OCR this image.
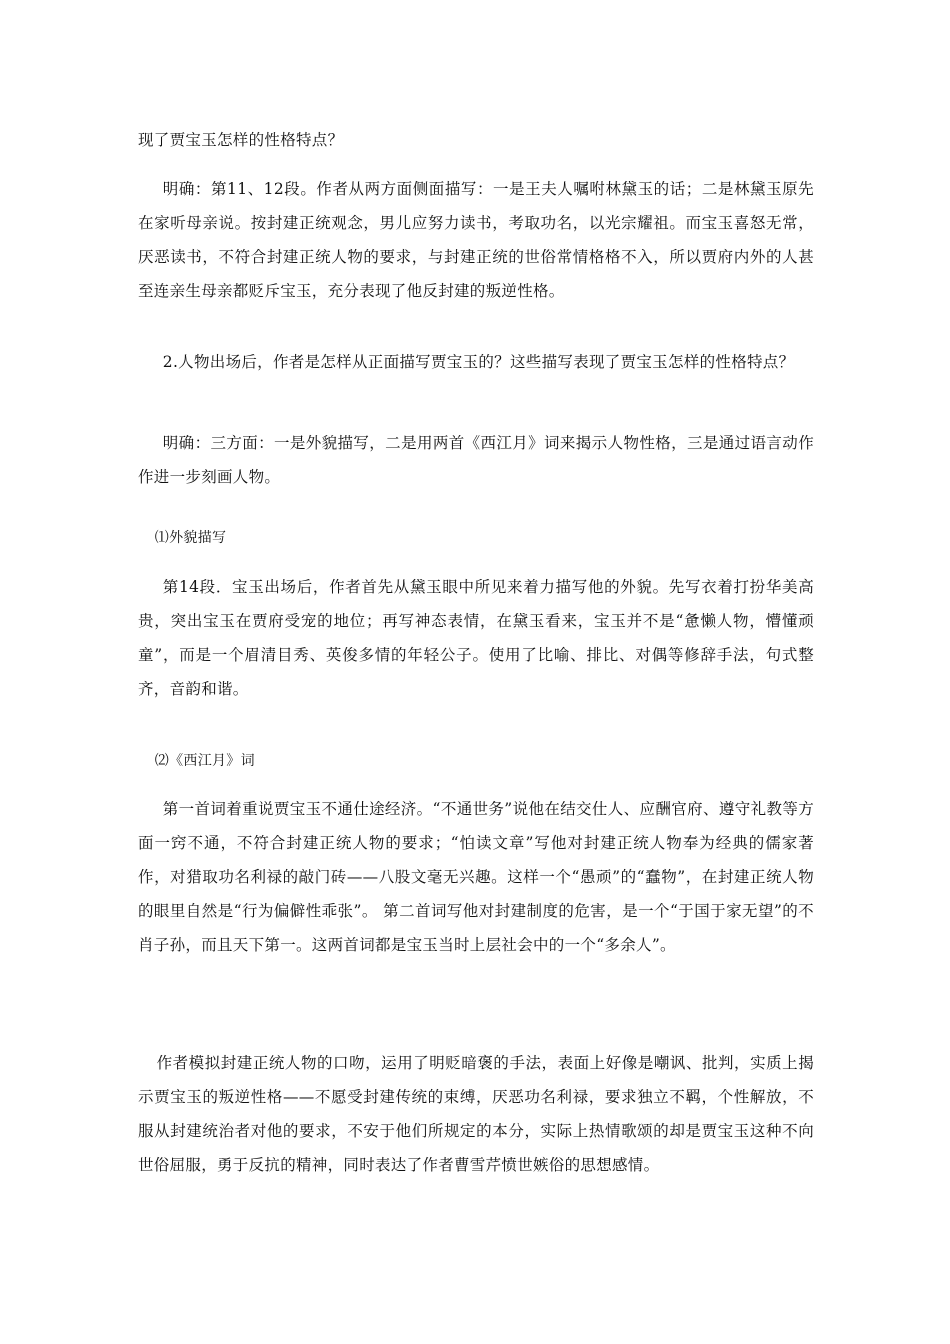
现了贾宝玉怎样的性格特点？

明确：第11、12段。作者从两方面侧面描写：一是王夫人嘱咐林黛玉的话；二是林黛玉原先在家听母亲说。按封建正统观念，男儿应努力读书，考取功名，以光宗耀祖。而宝玉喜怒无常，厌恶读书，不符合封建正统人物的要求，与封建正统的世俗常情格格不入，所以贾府内外的人甚至连亲生母亲都贬斥宝玉，充分表现了他反封建的叛逆性格。

2.人物出场后，作者是怎样从正面描写贾宝玉的？这些描写表现了贾宝玉怎样的性格特点？

明确：三方面：一是外貌描写，二是用两首《西江月》词来揭示人物性格，三是通过语言动作作进一步刻画人物。

⑴外貌描写

第14段．宝玉出场后，作者首先从黛玉眼中所见来着力描写他的外貌。先写衣着打扮华美高贵，突出宝玉在贾府受宠的地位；再写神态表情，在黛玉看来，宝玉并不是“惫懒人物，懵懂顽童”，而是一个眉清目秀、英俊多情的年轻公子。使用了比喻、排比、对偶等修辞手法，句式整齐，音韵和谐。

⑵《西江月》词

第一首词着重说贾宝玉不通仕途经济。“不通世务”说他在结交仕人、应酬官府、遵守礼教等方面一窍不通，不符合封建正统人物的要求；“怕读文章”写他对封建正统人物奉为经典的儒家著作，对猎取功名利禄的敲门砖——八股文毫无兴趣。这样一个“愚顽”的“蠢物”，在封建正统人物的眼里自然是“行为偏僻性乖张”。 第二首词写他对封建制度的危害，是一个“于国于家无望”的不肖子孙，而且天下第一。这两首词都是宝玉当时上层社会中的一个“多余人”。

作者模拟封建正统人物的口吻，运用了明贬暗褒的手法，表面上好像是嘲讽、批判，实质上揭示贾宝玉的叛逆性格——不愿受封建传统的束缚，厌恶功名利禄，要求独立不羁，个性解放，不服从封建统治者对他的要求，不安于他们所规定的本分，实际上热情歌颂的却是贾宝玉这种不向世俗屈服，勇于反抗的精神，同时表达了作者曹雪芹愤世嫉俗的思想感情。
